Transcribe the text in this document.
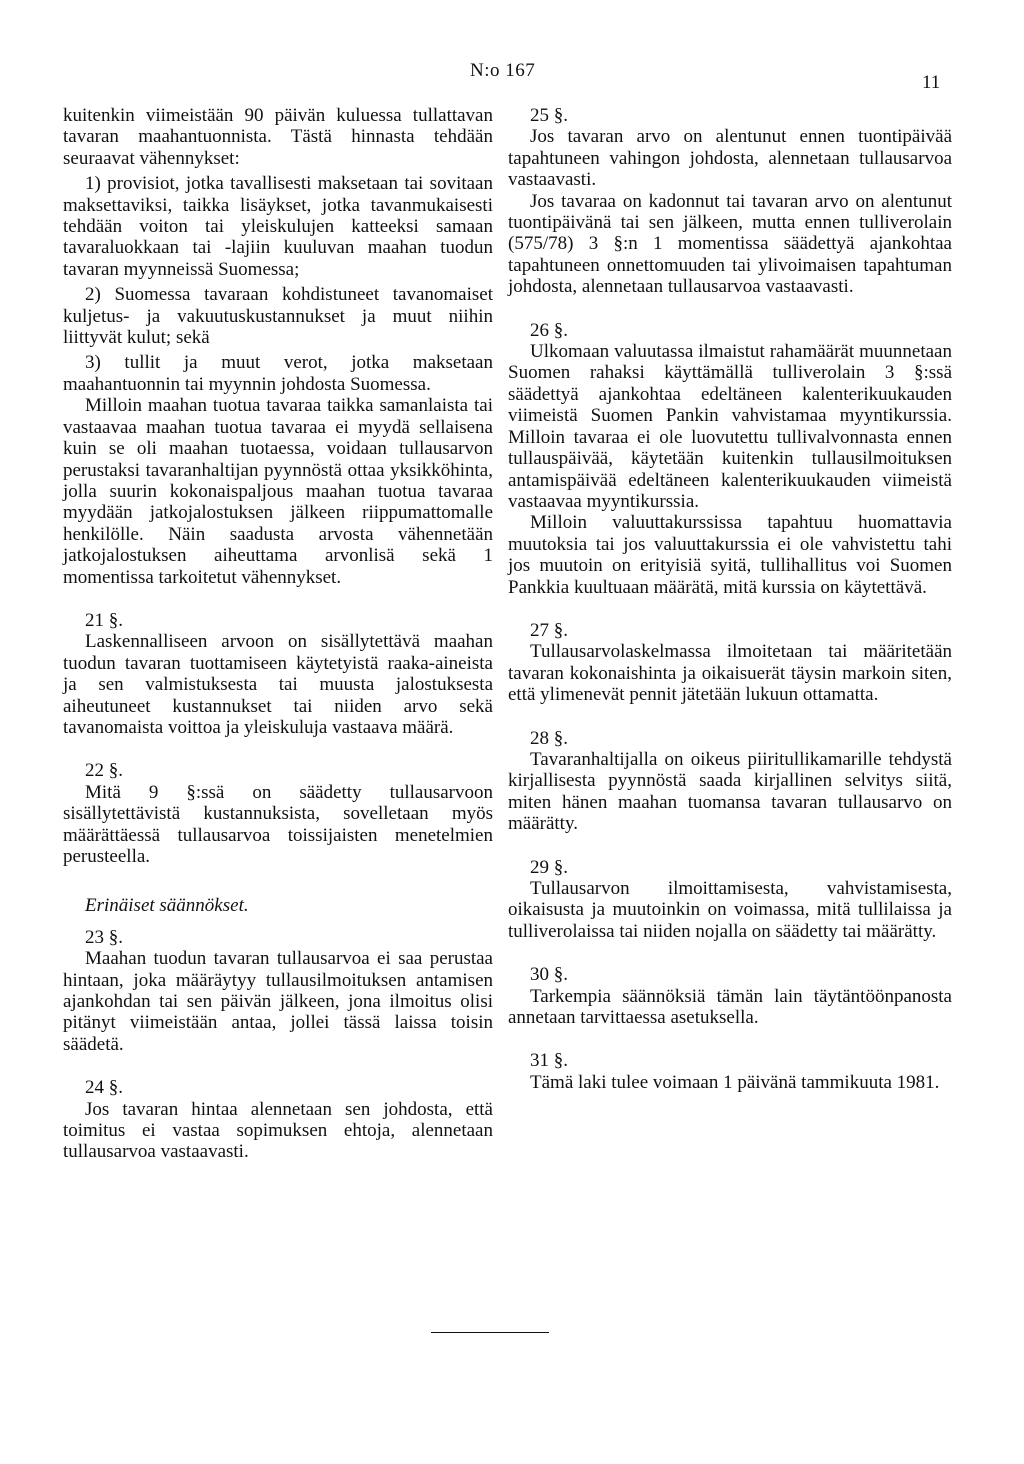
N:o 167
11

kuitenkin viimeistään 90 päivän kuluessa tullattavan tavaran maahantuonnista. Tästä hinnasta tehdään seuraavat vähennykset:

1) provisiot, jotka tavallisesti maksetaan tai sovitaan maksettaviksi, taikka lisäykset, jotka tavanmukaisesti tehdään voiton tai yleiskulujen katteeksi samaan tavaraluokkaan tai -lajiin kuuluvan maahan tuodun tavaran myynneissä Suomessa;

2) Suomessa tavaraan kohdistuneet tavanomaiset kuljetus- ja vakuutuskustannukset ja muut niihin liittyvät kulut; sekä

3) tullit ja muut verot, jotka maksetaan maahantuonnin tai myynnin johdosta Suomessa.

Milloin maahan tuotua tavaraa taikka samanlaista tai vastaavaa maahan tuotua tavaraa ei myydä sellaisena kuin se oli maahan tuotaessa, voidaan tullausarvon perustaksi tavaranhaltijan pyynnöstä ottaa yksikköhinta, jolla suurin kokonaispaljous maahan tuotua tavaraa myydään jatkojalostuksen jälkeen riippumattomalle henkilölle. Näin saadusta arvosta vähennetään jatkojalostuksen aiheuttama arvonlisä sekä 1 momentissa tarkoitetut vähennykset.

21 §.

Laskennalliseen arvoon on sisällytettävä maahan tuodun tavaran tuottamiseen käytetyistä raaka-aineista ja sen valmistuksesta tai muusta jalostuksesta aiheutuneet kustannukset tai niiden arvo sekä tavanomaista voittoa ja yleiskuluja vastaava määrä.

22 §.

Mitä 9 §:ssä on säädetty tullausarvoon sisällytettävistä kustannuksista, sovelletaan myös määrättäessä tullausarvoa toissijaisten menetelmien perusteella.

Erinäiset säännökset.

23 §.

Maahan tuodun tavaran tullausarvoa ei saa perustaa hintaan, joka määräytyy tullausilmoituksen antamisen ajankohdan tai sen päivän jälkeen, jona ilmoitus olisi pitänyt viimeistään antaa, jollei tässä laissa toisin säädetä.

24 §.

Jos tavaran hintaa alennetaan sen johdosta, että toimitus ei vastaa sopimuksen ehtoja, alennetaan tullausarvoa vastaavasti.

25 §.

Jos tavaran arvo on alentunut ennen tuontipäivää tapahtuneen vahingon johdosta, alennetaan tullausarvoa vastaavasti.

Jos tavaraa on kadonnut tai tavaran arvo on alentunut tuontipäivänä tai sen jälkeen, mutta ennen tulliverolain (575/78) 3 §:n 1 momentissa säädettyä ajankohtaa tapahtuneen onnettomuuden tai ylivoimaisen tapahtuman johdosta, alennetaan tullausarvoa vastaavasti.

26 §.

Ulkomaan valuutassa ilmaistut rahamäärät muunnetaan Suomen rahaksi käyttämällä tulliverolain 3 §:ssä säädettyä ajankohtaa edeltäneen kalenterikuukauden viimeistä Suomen Pankin vahvistamaa myyntikurssia. Milloin tavaraa ei ole luovutettu tullivalvonnasta ennen tullauspäivää, käytetään kuitenkin tullausilmoituksen antamispäivää edeltäneen kalenterikuukauden viimeistä vastaavaa myyntikurssia.

Milloin valuuttakurssissa tapahtuu huomattavia muutoksia tai jos valuuttakurssia ei ole vahvistettu tahi jos muutoin on erityisiä syitä, tullihallitus voi Suomen Pankkia kuultuaan määrätä, mitä kurssia on käytettävä.

27 §.

Tullausarvolaskelmassa ilmoitetaan tai määritetään tavaran kokonaishinta ja oikaisuerät täysin markoin siten, että ylimenevät pennit jätetään lukuun ottamatta.

28 §.

Tavaranhaltijalla on oikeus piiritullikamarille tehdystä kirjallisesta pyynnöstä saada kirjallinen selvitys siitä, miten hänen maahan tuomansa tavaran tullausarvo on määrätty.

29 §.

Tullausarvon ilmoittamisesta, vahvistamisesta, oikaisusta ja muutoinkin on voimassa, mitä tullilaissa ja tulliverolaissa tai niiden nojalla on säädetty tai määrätty.

30 §.

Tarkempia säännöksiä tämän lain täytäntöönpanosta annetaan tarvittaessa asetuksella.

31 §.

Tämä laki tulee voimaan 1 päivänä tammikuuta 1981.
